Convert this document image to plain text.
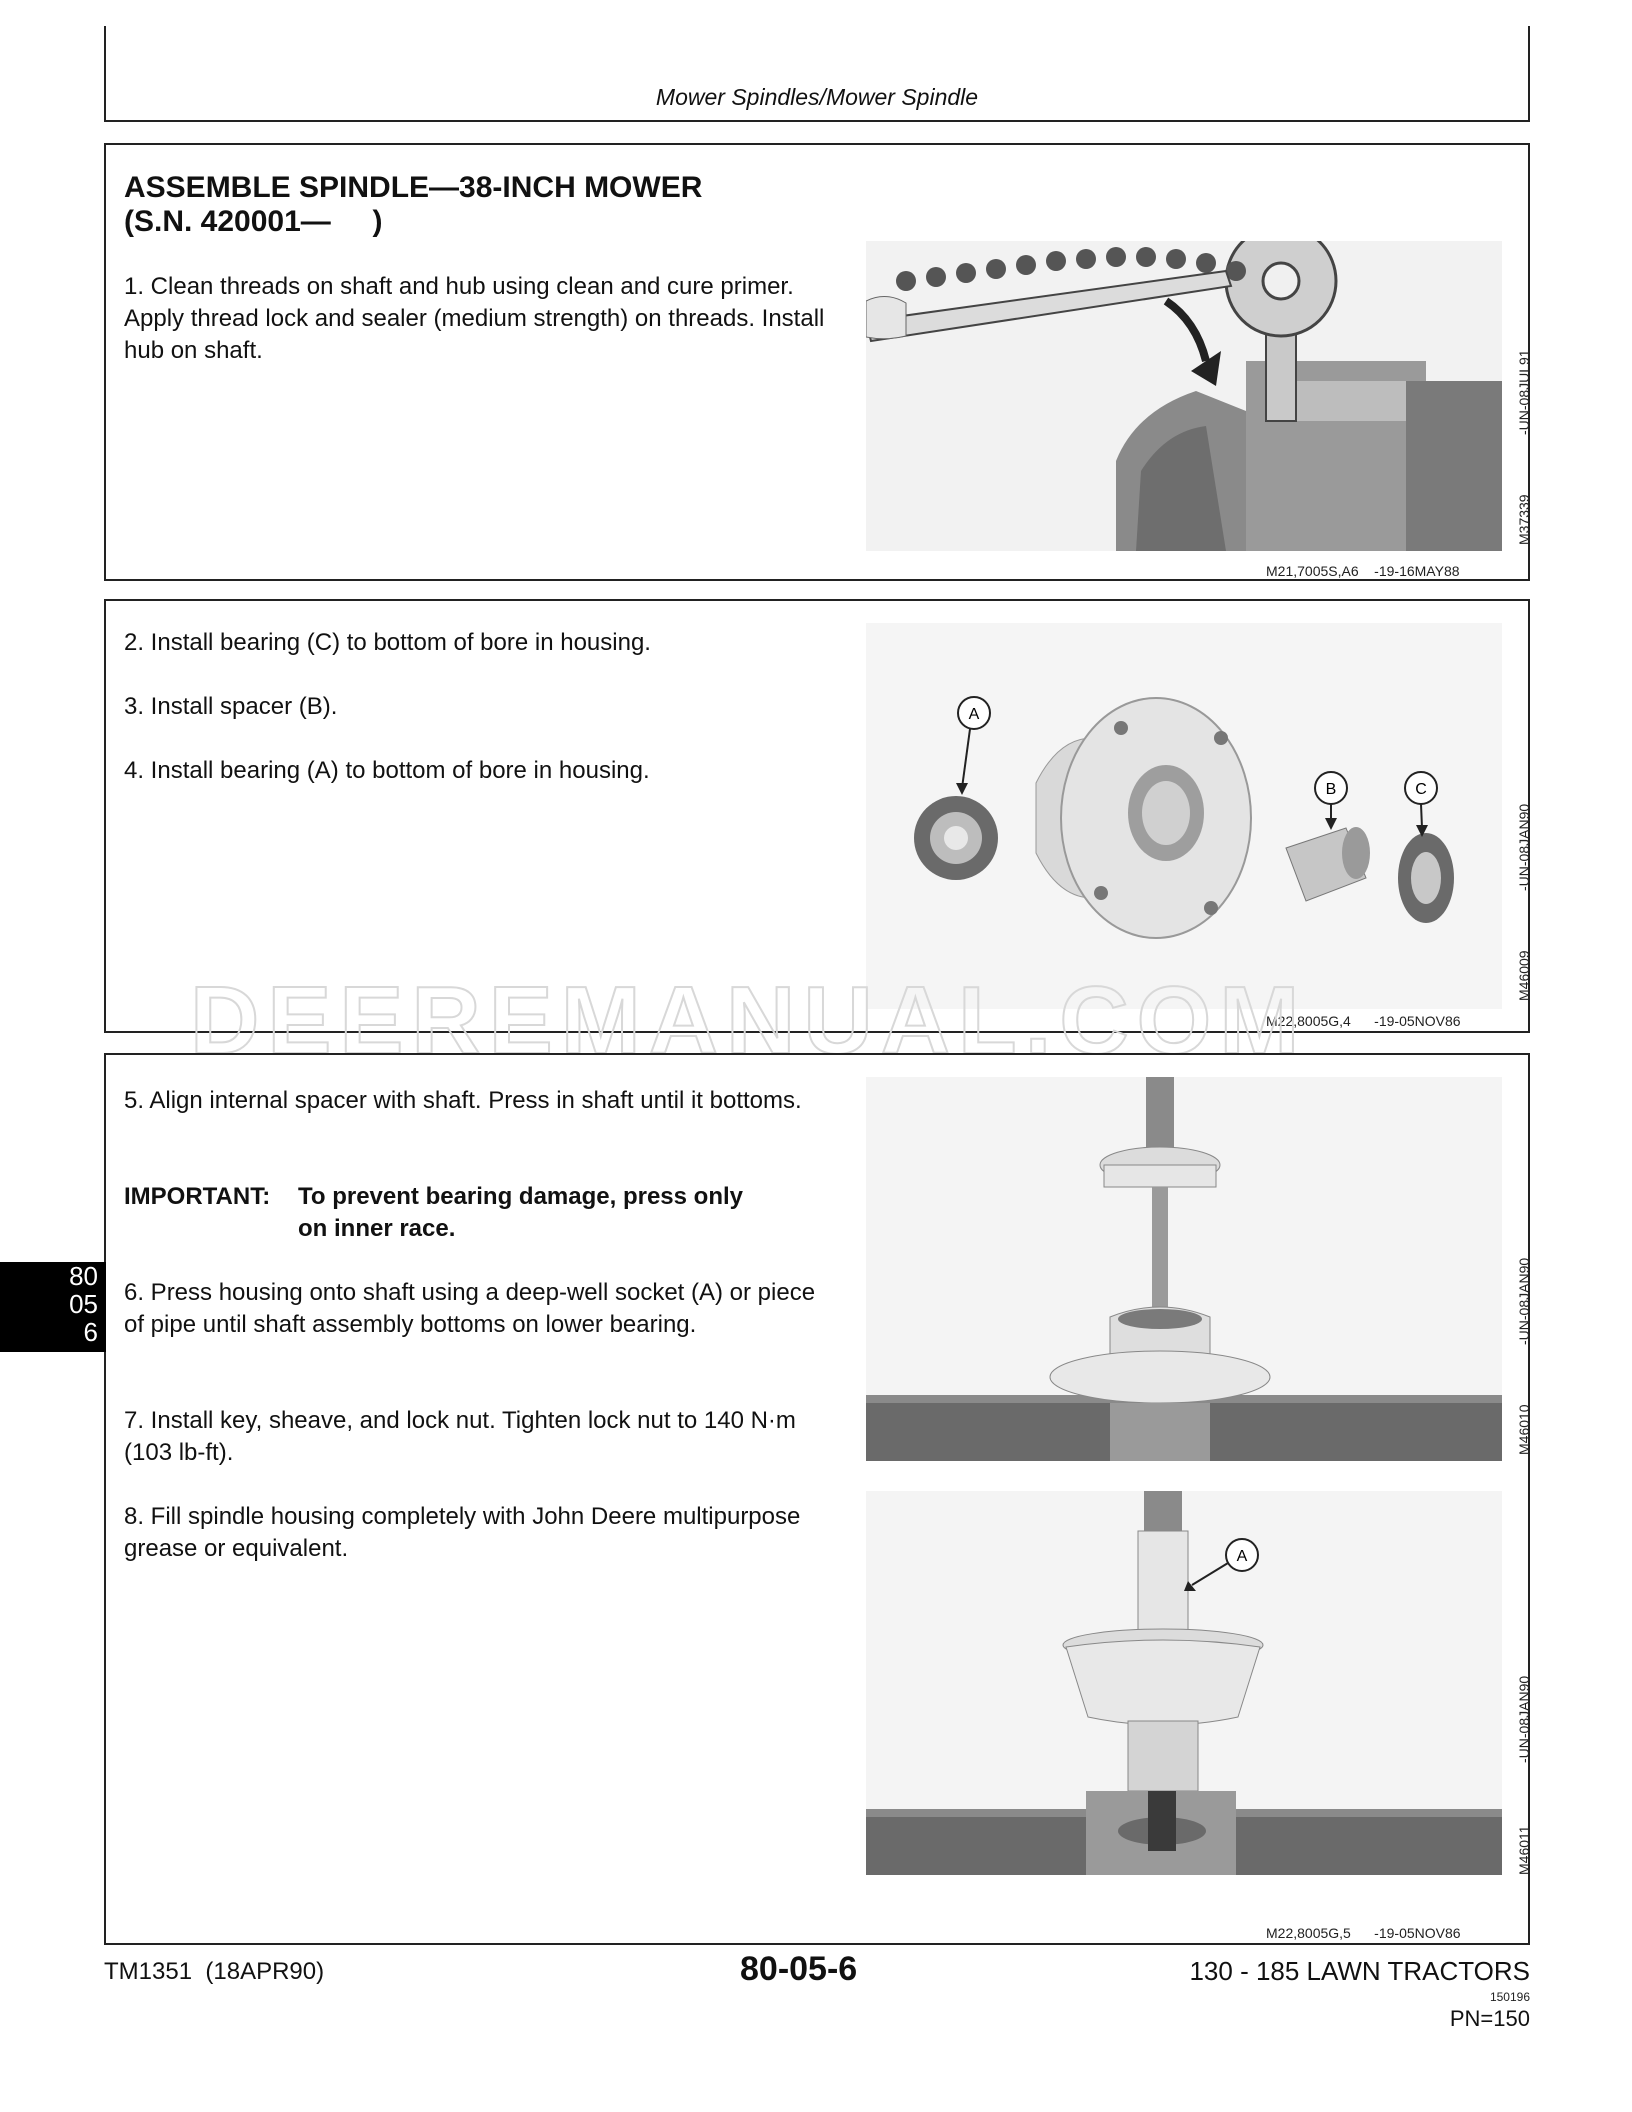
Mower Spindles/Mower Spindle
ASSEMBLE SPINDLE—38-INCH MOWER
(S.N. 420001—     )
1. Clean threads on shaft and hub using clean and cure primer. Apply thread lock and sealer (medium strength) on threads. Install hub on shaft.	-UN-08JUL91
M37339
M21,7005S,A6    -19-16MAY88
2. Install bearing (C) to bottom of bore in housing.
3. Install spacer (B).
4. Install bearing (A) to bottom of bore in housing.
A
B	C
-UN-08JAN90
M46009
M22,8005G,4      -19-05NOV86
DEEREMANUAL.COM
5. Align internal spacer with shaft. Press in shaft until it bottoms.
IMPORTANT: To prevent bearing damage, press only
on inner race.
6. Press housing onto shaft using a deep-well socket (A) or piece of pipe until shaft assembly bottoms on lower bearing.
7. Install key, sheave, and lock nut. Tighten lock nut to 140 N·m (103 lb-ft).
8. Fill spindle housing completely with John Deere multipurpose grease or equivalent.
-UN-08JAN90
M46010
A
-UN-08JAN90
M46011
M22,8005G,5      -19-05NOV86
80
05
6
TM1351  (18APR90)	80-05-6	130 - 185 LAWN TRACTORS
150196
PN=150
